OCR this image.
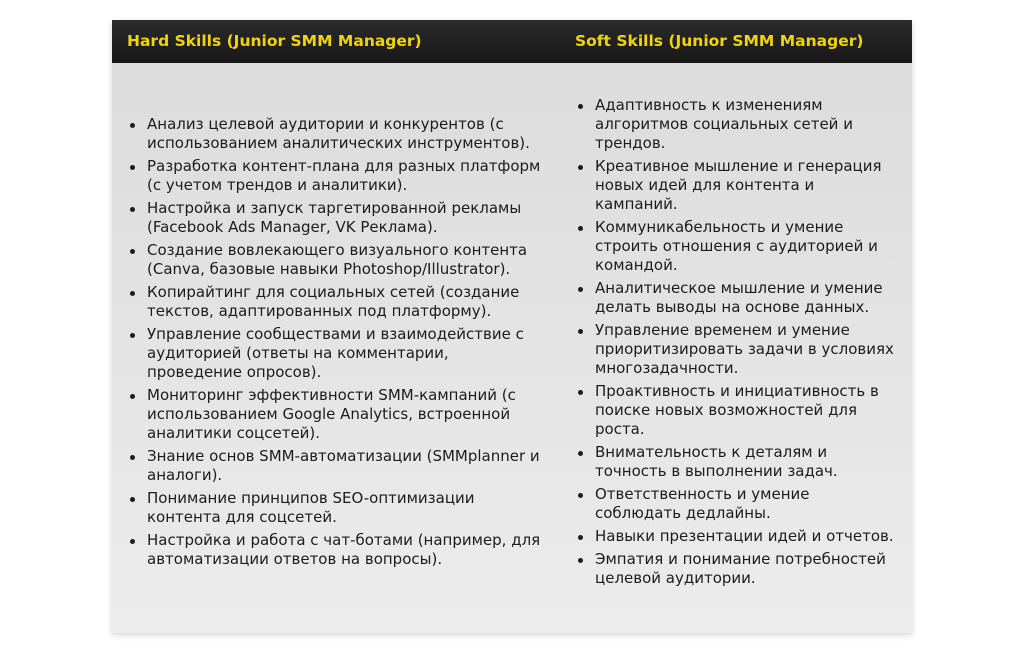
Hard Skills (Junior SMM Manager)	Soft Skills (Junior SMM Manager)
Анализ целевой аудитории и конкурентов (с использованием аналитических инструментов).
Разработка контент-плана для разных платформ (с учетом трендов и аналитики).
Настройка и запуск таргетированной рекламы (Facebook Ads Manager, VK Реклама).
Создание вовлекающего визуального контента (Canva, базовые навыки Photoshop/Illustrator).
Копирайтинг для социальных сетей (создание текстов, адаптированных под платформу).
Управление сообществами и взаимодействие с аудиторией (ответы на комментарии, проведение опросов).
Мониторинг эффективности SMM-кампаний (с использованием Google Analytics, встроенной аналитики соцсетей).
Знание основ SMM-автоматизации (SMMplanner и аналоги).
Понимание принципов SEO-оптимизации контента для соцсетей.
Настройка и работа с чат-ботами (например, для автоматизации ответов на вопросы).
Адаптивность к изменениям алгоритмов социальных сетей и трендов.
Креативное мышление и генерация новых идей для контента и кампаний.
Коммуникабельность и умение строить отношения с аудиторией и командой.
Аналитическое мышление и умение делать выводы на основе данных.
Управление временем и умение приоритизировать задачи в условиях многозадачности.
Проактивность и инициативность в поиске новых возможностей для роста.
Внимательность к деталям и точность в выполнении задач.
Ответственность и умение соблюдать дедлайны.
Навыки презентации идей и отчетов.
Эмпатия и понимание потребностей целевой аудитории.
